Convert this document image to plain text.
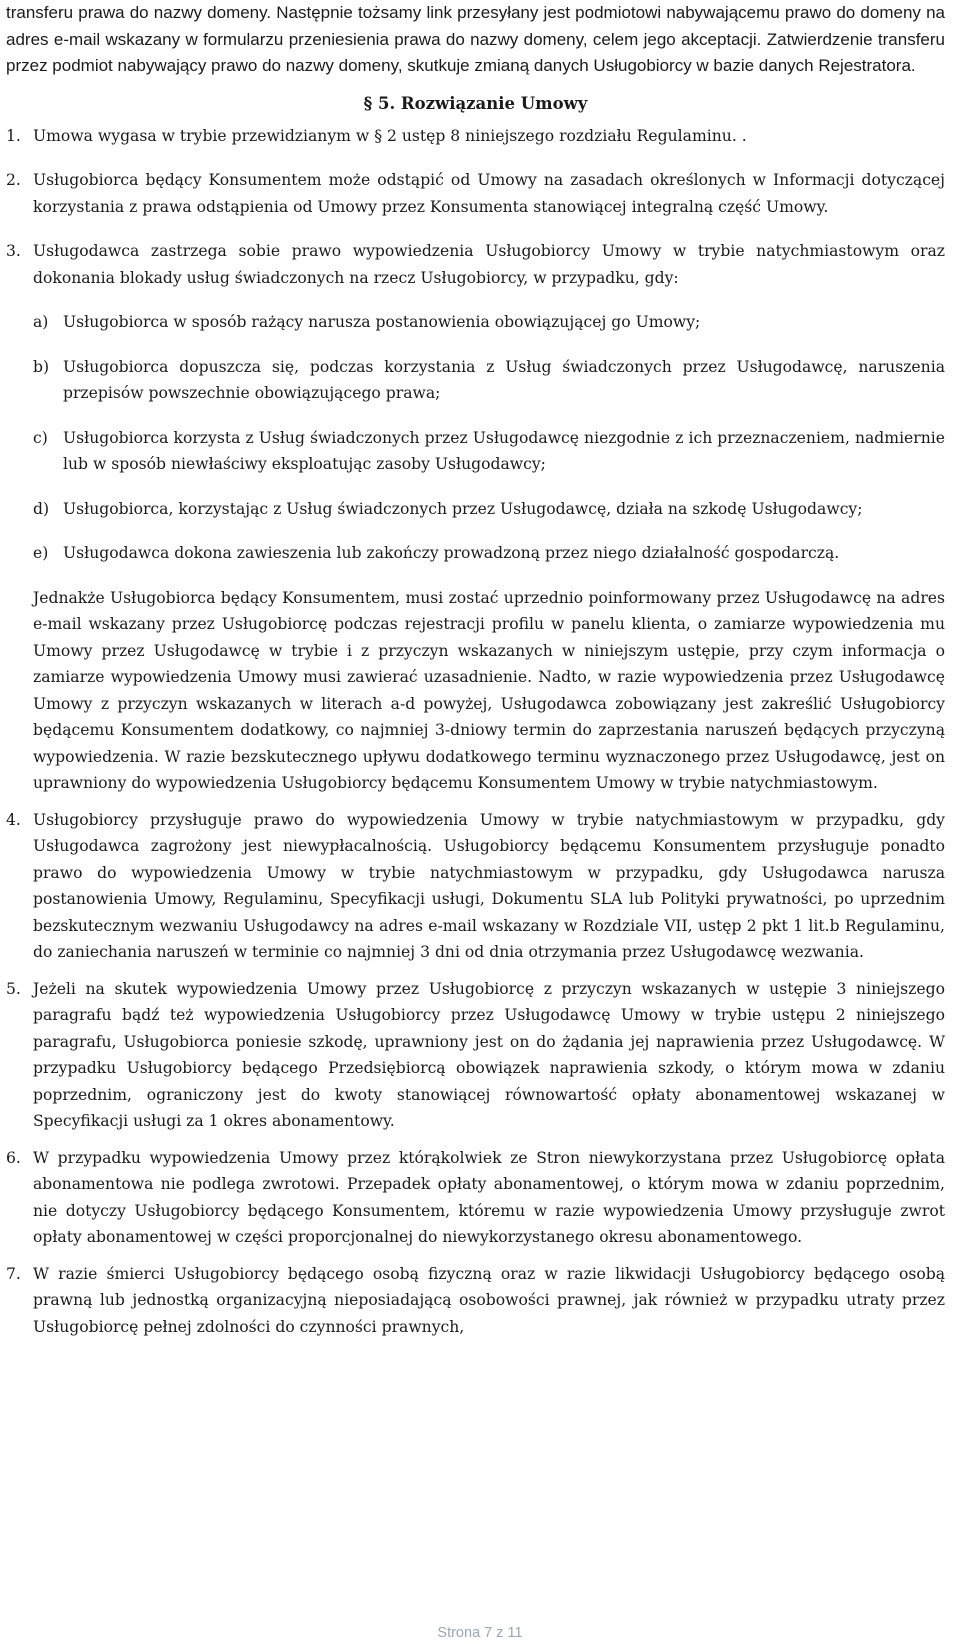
transferu prawa do nazwy domeny. Następnie tożsamy link przesyłany jest podmiotowi nabywającemu prawo do domeny na adres e-mail wskazany w formularzu przeniesienia prawa do nazwy domeny, celem jego akceptacji. Zatwierdzenie transferu przez podmiot nabywający prawo do nazwy domeny, skutkuje zmianą danych Usługobiorcy w bazie danych Rejestratora.

§ 5. Rozwiązanie Umowy
1. Umowa wygasa w trybie przewidzianym w § 2 ustęp 8 niniejszego rozdziału Regulaminu. .
2. Usługobiorca będący Konsumentem może odstąpić od Umowy na zasadach określonych w Informacji dotyczącej korzystania z prawa odstąpienia od Umowy przez Konsumenta stanowiącej integralną część Umowy.
3. Usługodawca zastrzega sobie prawo wypowiedzenia Usługobiorcy Umowy w trybie natychmiastowym oraz dokonania blokady usług świadczonych na rzecz Usługobiorcy, w przypadku, gdy:
a) Usługobiorca w sposób rażący narusza postanowienia obowiązującej go Umowy;
b) Usługobiorca dopuszcza się, podczas korzystania z Usług świadczonych przez Usługodawcę, naruszenia przepisów powszechnie obowiązującego prawa;
c) Usługobiorca korzysta z Usług świadczonych przez Usługodawcę niezgodnie z ich przeznaczeniem, nadmiernie lub w sposób niewłaściwy eksploatując zasoby Usługodawcy;
d) Usługobiorca, korzystając z Usług świadczonych przez Usługodawcę, działa na szkodę Usługodawcy;
e) Usługodawca dokona zawieszenia lub zakończy prowadzoną przez niego działalność gospodarczą.

Jednakże Usługobiorca będący Konsumentem, musi zostać uprzednio poinformowany przez Usługodawcę na adres e-mail wskazany przez Usługobiorcę podczas rejestracji profilu w panelu klienta, o zamiarze wypowiedzenia mu Umowy przez Usługodawcę w trybie i z przyczyn wskazanych w niniejszym ustępie, przy czym informacja o zamiarze wypowiedzenia Umowy musi zawierać uzasadnienie. Nadto, w razie wypowiedzenia przez Usługodawcę Umowy z przyczyn wskazanych w literach a-d powyżej, Usługodawca zobowiązany jest zakreślić Usługobiorcy będącemu Konsumentem dodatkowy, co najmniej 3-dniowy termin do zaprzestania naruszeń będących przyczyną wypowiedzenia. W razie bezskutecznego upływu dodatkowego terminu wyznaczonego przez Usługodawcę, jest on uprawniony do wypowiedzenia Usługobiorcy będącemu Konsumentem Umowy w trybie natychmiastowym.

4. Usługobiorcy przysługuje prawo do wypowiedzenia Umowy w trybie natychmiastowym w przypadku, gdy Usługodawca zagrożony jest niewypłacalnością. Usługobiorcy będącemu Konsumentem przysługuje ponadto prawo do wypowiedzenia Umowy w trybie natychmiastowym w przypadku, gdy Usługodawca narusza postanowienia Umowy, Regulaminu, Specyfikacji usługi, Dokumentu SLA lub Polityki prywatności, po uprzednim bezskutecznym wezwaniu Usługodawcy na adres e-mail wskazany w Rozdziale VII, ustęp 2 pkt 1 lit.b Regulaminu, do zaniechania naruszeń w terminie co najmniej 3 dni od dnia otrzymania przez Usługodawcę wezwania.
5. Jeżeli na skutek wypowiedzenia Umowy przez Usługobiorcę z przyczyn wskazanych w ustępie 3 niniejszego paragrafu bądź też wypowiedzenia Usługobiorcy przez Usługodawcę Umowy w trybie ustępu 2 niniejszego paragrafu, Usługobiorca poniesie szkodę, uprawniony jest on do żądania jej naprawienia przez Usługodawcę. W przypadku Usługobiorcy będącego Przedsiębiorcą obowiązek naprawienia szkody, o którym mowa w zdaniu poprzednim, ograniczony jest do kwoty stanowiącej równowartość opłaty abonamentowej wskazanej w Specyfikacji usługi za 1 okres abonamentowy.
6. W przypadku wypowiedzenia Umowy przez którąkolwiek ze Stron niewykorzystana przez Usługobiorcę opłata abonamentowa nie podlega zwrotowi. Przepadek opłaty abonamentowej, o którym mowa w zdaniu poprzednim, nie dotyczy Usługobiorcy będącego Konsumentem, któremu w razie wypowiedzenia Umowy przysługuje zwrot opłaty abonamentowej w części proporcjonalnej do niewykorzystanego okresu abonamentowego.
7. W razie śmierci Usługobiorcy będącego osobą fizyczną oraz w razie likwidacji Usługobiorcy będącego osobą prawną lub jednostką organizacyjną nieposiadającą osobowości prawnej, jak również w przypadku utraty przez Usługobiorcę pełnej zdolności do czynności prawnych,
Strona 7 z 11
